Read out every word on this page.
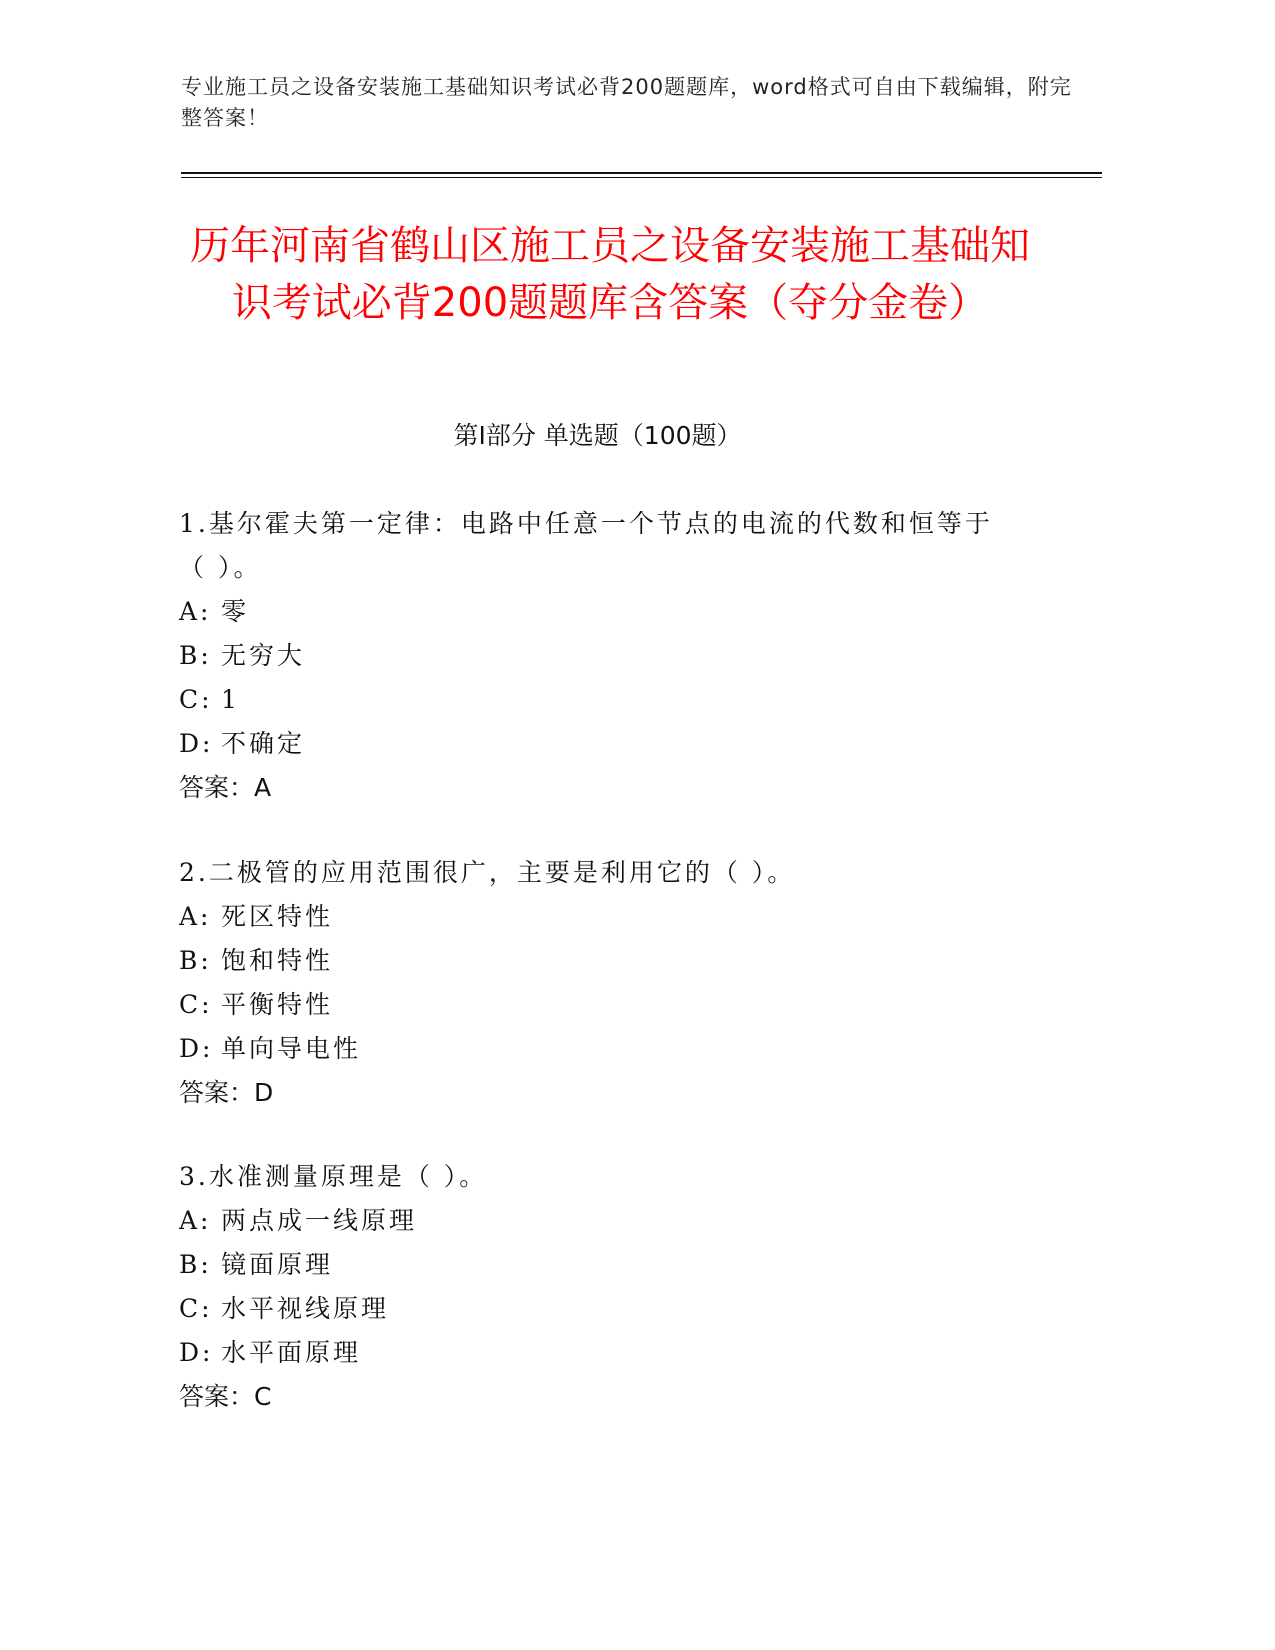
专业施工员之设备安装施工基础知识考试必背200题题库，word格式可自由下载编辑，附完整答案！
历年河南省鹤山区施工员之设备安装施工基础知识考试必背200题题库含答案（夺分金卷）
第I部分 单选题（100题）

1.基尔霍夫第一定律：电路中任意一个节点的电流的代数和恒等于（ ）。

A: 零

B: 无穷大

C: 1

D: 不确定

答案：A

2.二极管的应用范围很广，主要是利用它的（ ）。

A: 死区特性

B: 饱和特性

C: 平衡特性

D: 单向导电性

答案：D

3.水准测量原理是（ ）。

A: 两点成一线原理

B: 镜面原理

C: 水平视线原理

D: 水平面原理

答案：C
